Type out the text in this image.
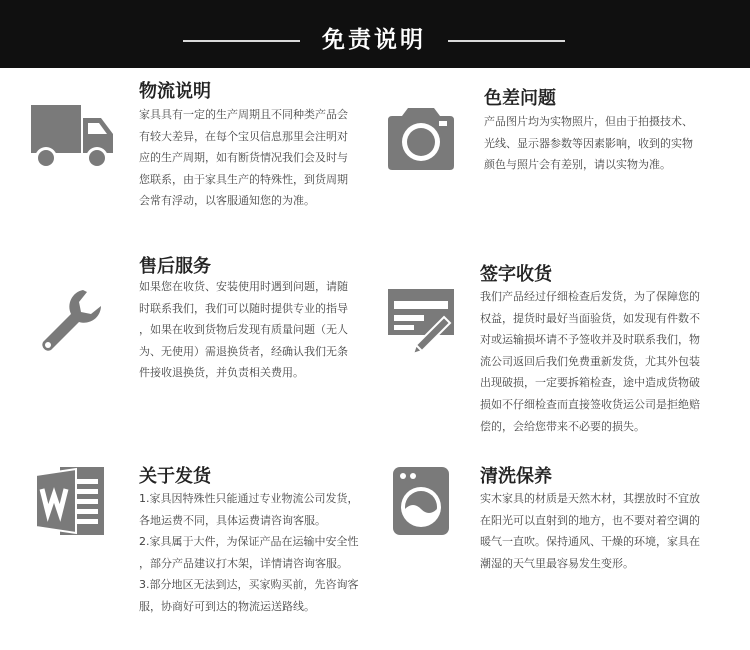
免责说明
物流说明

家具具有一定的生产周期且不同种类产品会

有较大差异，在每个宝贝信息那里会注明对

应的生产周期，如有断货情况我们会及时与

您联系，由于家具生产的特殊性，到货周期

会常有浮动，以客服通知您的为准。

色差问题

产品图片均为实物照片，但由于拍摄技术、

光线、显示器参数等因素影响，收到的实物

颜色与照片会有差别，请以实物为准。

售后服务

如果您在收货、安装使用时遇到问题，请随

时联系我们，我们可以随时提供专业的指导

，如果在收到货物后发现有质量问题（无人

为、无使用）需退换货者，经确认我们无条

件接收退换货，并负责相关费用。

签字收货

我们产品经过仔细检查后发货，为了保障您的

权益，提货时最好当面验货，如发现有件数不

对或运输损坏请不予签收并及时联系我们，物

流公司返回后我们免费重新发货，尤其外包装

出现破损，一定要拆箱检查，途中造成货物破

损如不仔细检查而直接签收货运公司是拒绝赔

偿的，会给您带来不必要的损失。

关于发货

1.家具因特殊性只能通过专业物流公司发货，

各地运费不同，具体运费请咨询客服。

2.家具属于大件，为保证产品在运输中安全性

，部分产品建议打木架，详情请咨询客服。

3.部分地区无法到达，买家购买前，先咨询客

服，协商好可到达的物流运送路线。

清洗保养

实木家具的材质是天然木材，其摆放时不宜放

在阳光可以直射到的地方，也不要对着空调的

暖气一直吹。保持通风、干燥的环境，家具在

潮湿的天气里最容易发生变形。
